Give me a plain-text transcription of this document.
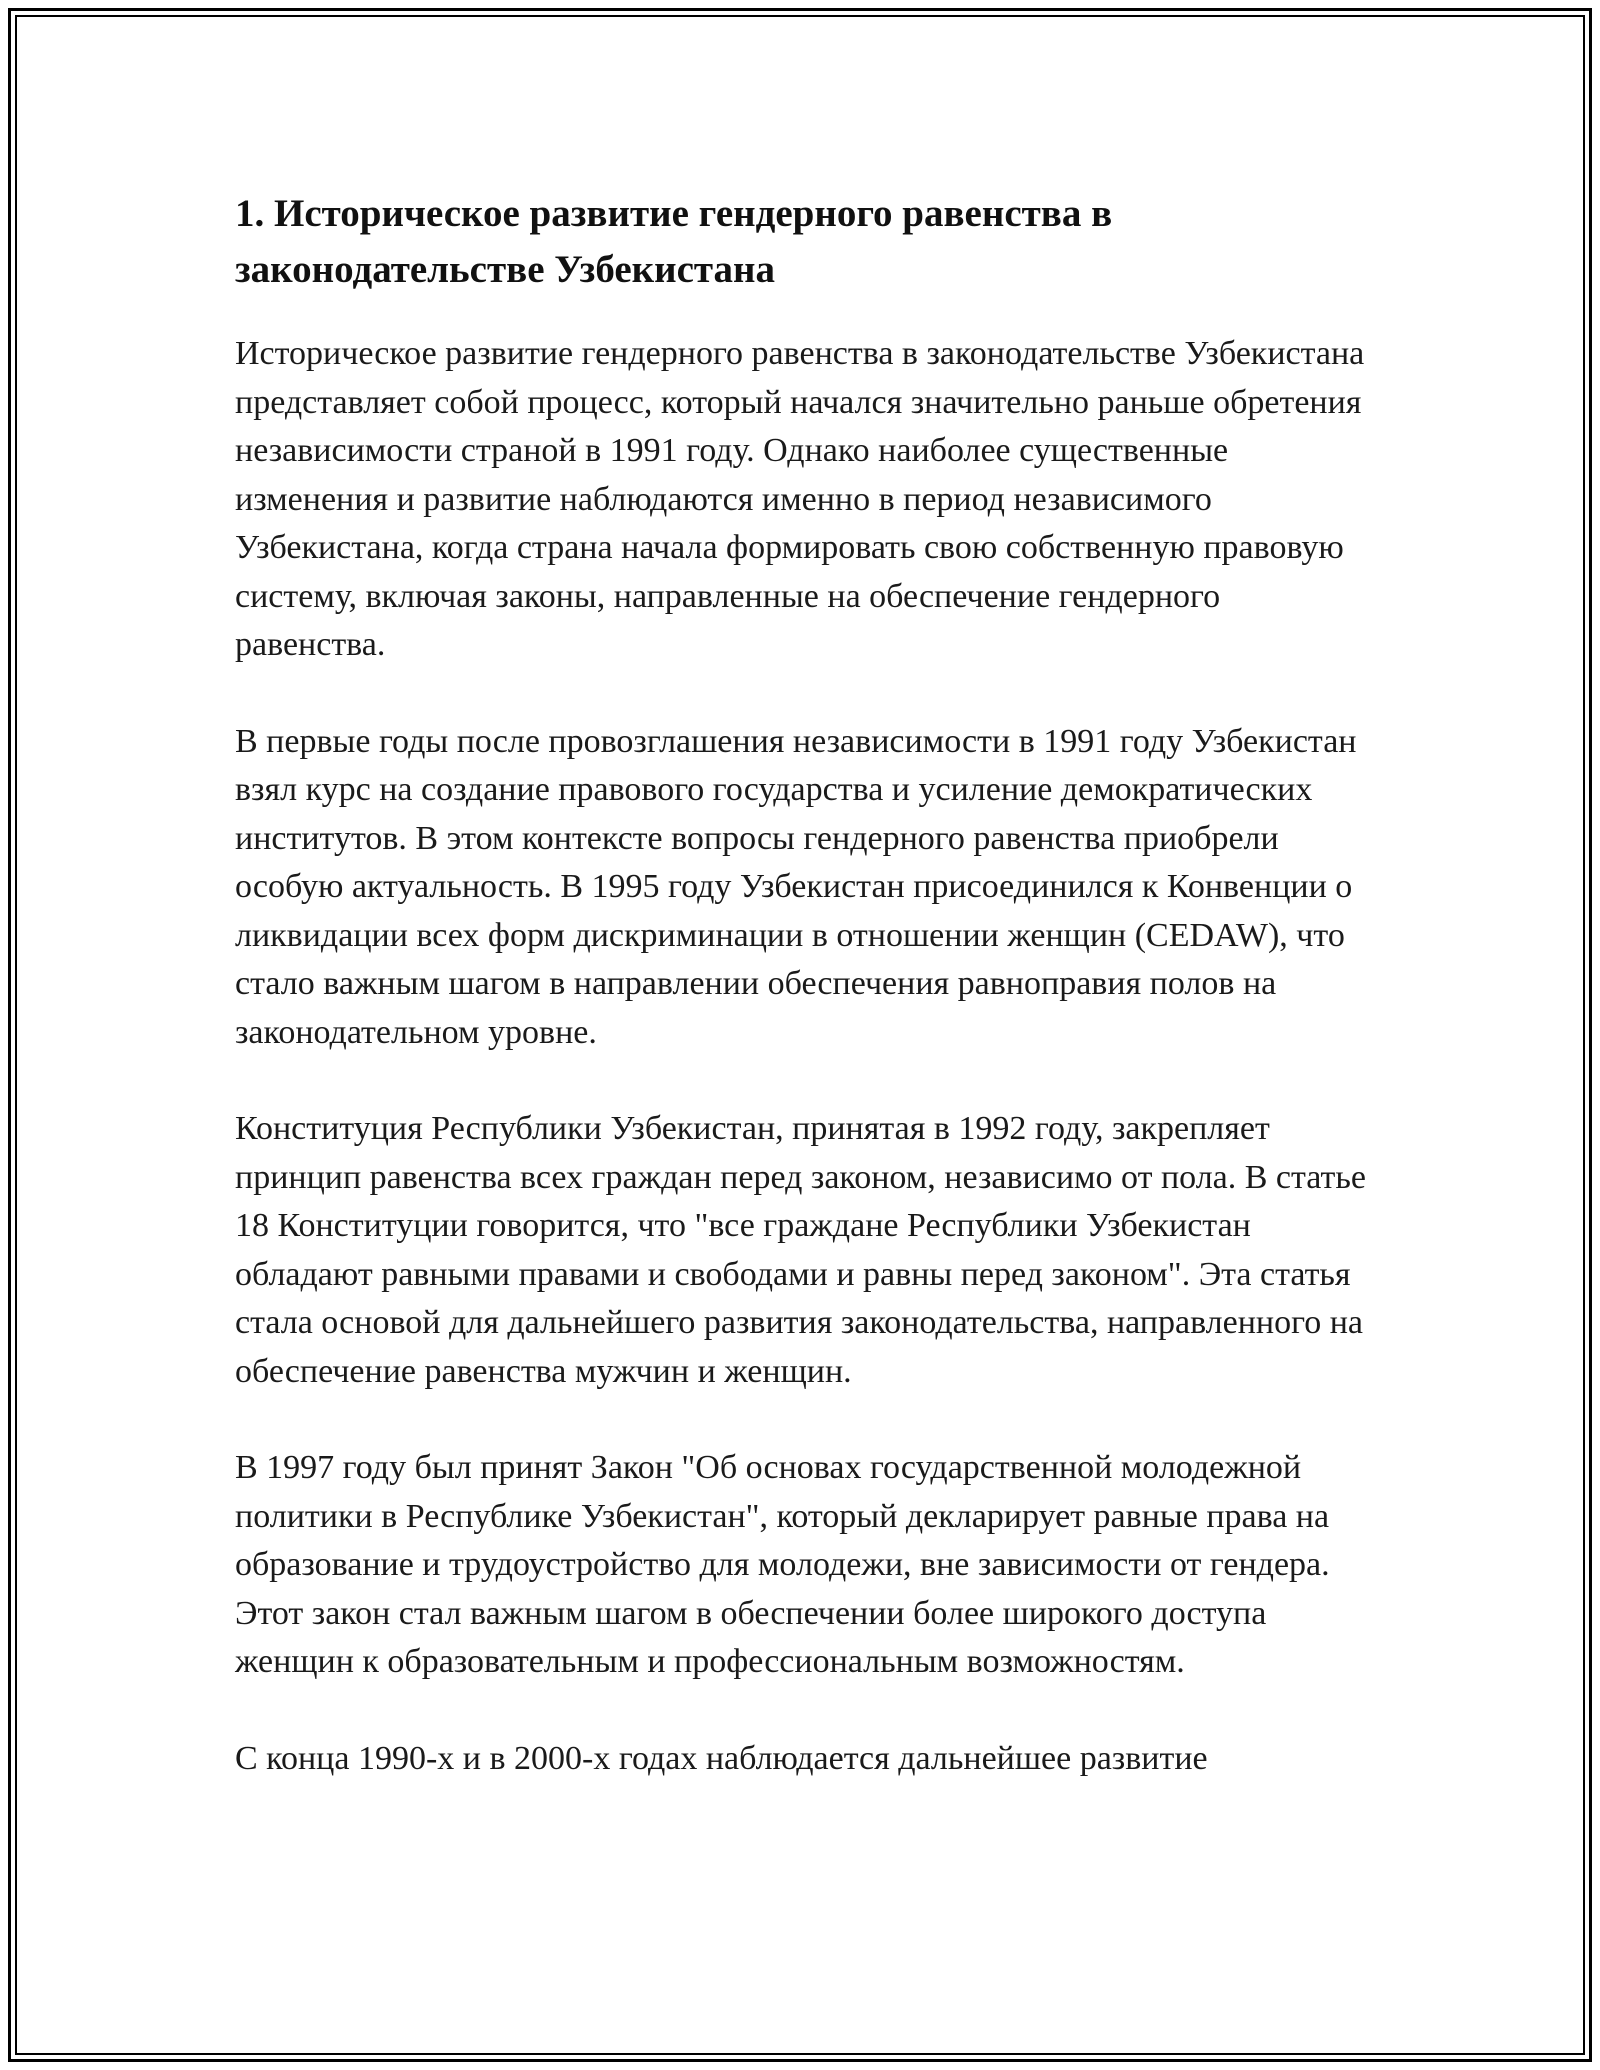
1. Историческое развитие гендерного равенства в законодательстве Узбекистана

Историческое развитие гендерного равенства в законодательстве Узбекистана представляет собой процесс, который начался значительно раньше обретения независимости страной в 1991 году. Однако наиболее существенные изменения и развитие наблюдаются именно в период независимого Узбекистана, когда страна начала формировать свою собственную правовую систему, включая законы, направленные на обеспечение гендерного равенства.

В первые годы после провозглашения независимости в 1991 году Узбекистан взял курс на создание правового государства и усиление демократических институтов. В этом контексте вопросы гендерного равенства приобрели особую актуальность. В 1995 году Узбекистан присоединился к Конвенции о ликвидации всех форм дискриминации в отношении женщин (CEDAW), что стало важным шагом в направлении обеспечения равноправия полов на законодательном уровне.

Конституция Республики Узбекистан, принятая в 1992 году, закрепляет принцип равенства всех граждан перед законом, независимо от пола. В статье 18 Конституции говорится, что "все граждане Республики Узбекистан обладают равными правами и свободами и равны перед законом". Эта статья стала основой для дальнейшего развития законодательства, направленного на обеспечение равенства мужчин и женщин.

В 1997 году был принят Закон "Об основах государственной молодежной политики в Республике Узбекистан", который декларирует равные права на образование и трудоустройство для молодежи, вне зависимости от гендера. Этот закон стал важным шагом в обеспечении более широкого доступа женщин к образовательным и профессиональным возможностям.

С конца 1990-х и в 2000-х годах наблюдается дальнейшее развитие
